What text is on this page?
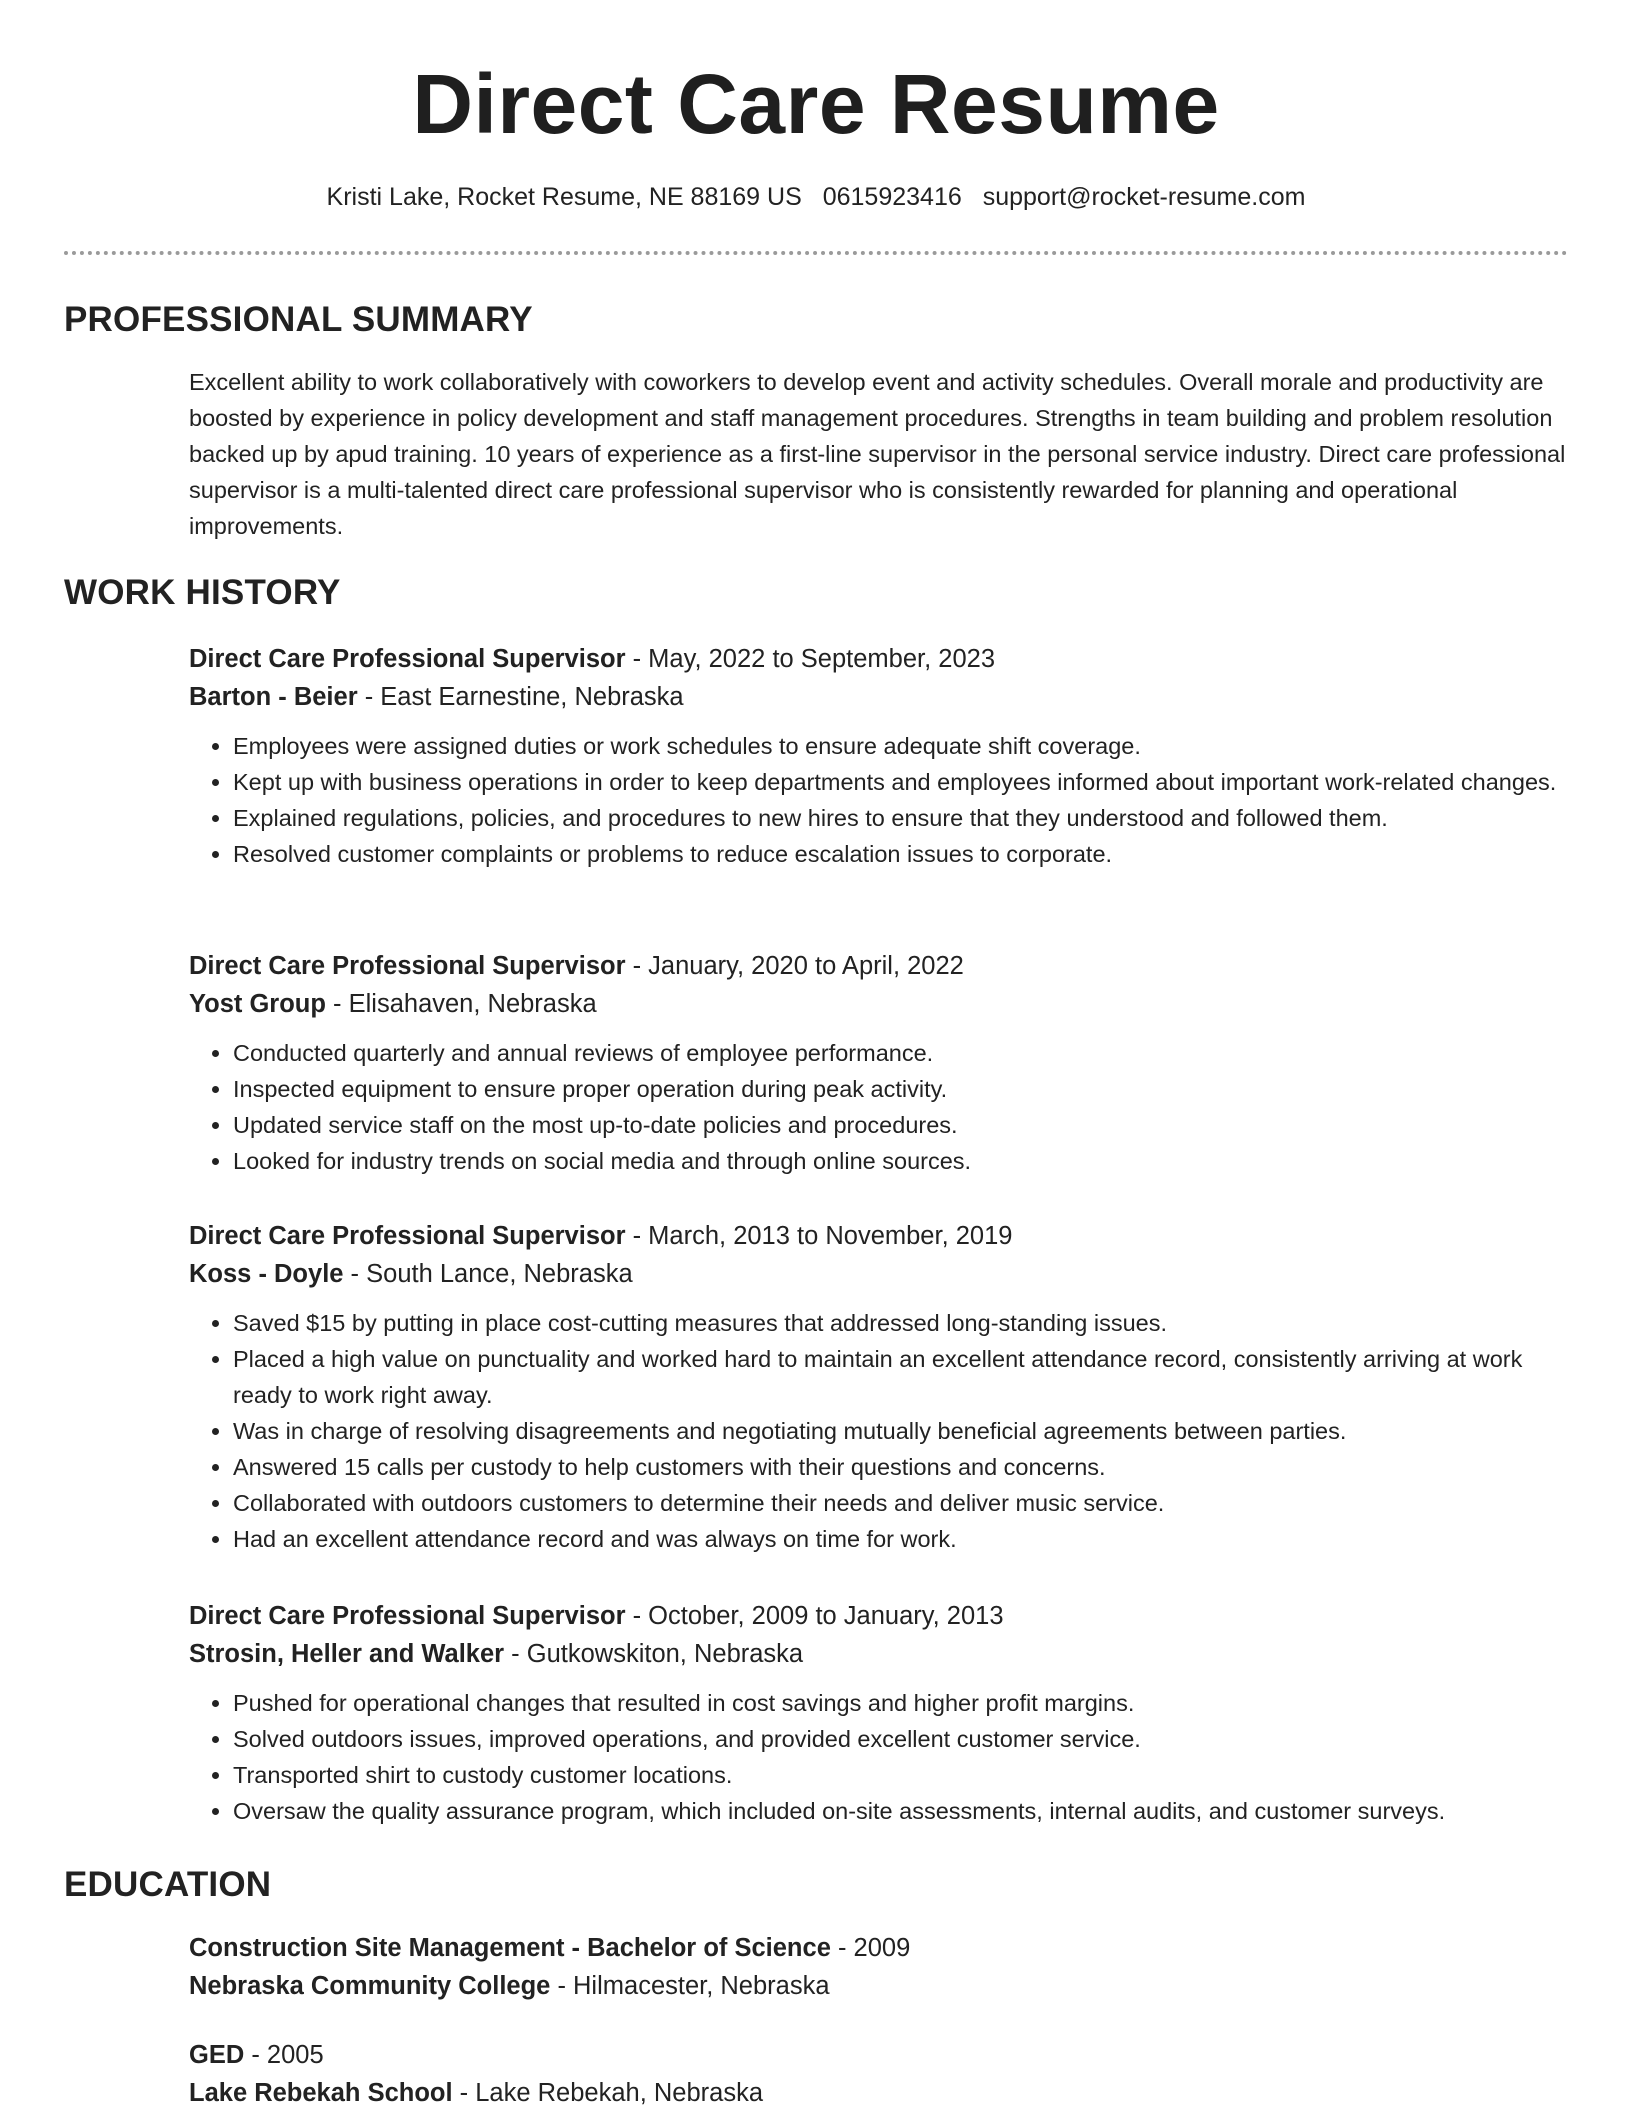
Direct Care Resume
Kristi Lake, Rocket Resume, NE 88169 US 0615923416 support@rocket-resume.com
PROFESSIONAL SUMMARY

Excellent ability to work collaboratively with coworkers to develop event and activity schedules. Overall morale and productivity are boosted by experience in policy development and staff management procedures. Strengths in team building and problem resolution backed up by apud training. 10 years of experience as a first-line supervisor in the personal service industry. Direct care professional supervisor is a multi-talented direct care professional supervisor who is consistently rewarded for planning and operational improvements.

WORK HISTORY

Direct Care Professional Supervisor - May, 2022 to September, 2023

Barton - Beier - East Earnestine, Nebraska

• Employees were assigned duties or work schedules to ensure adequate shift coverage.
• Kept up with business operations in order to keep departments and employees informed about important work-related changes.
• Explained regulations, policies, and procedures to new hires to ensure that they understood and followed them.
• Resolved customer complaints or problems to reduce escalation issues to corporate.

Direct Care Professional Supervisor - January, 2020 to April, 2022

Yost Group - Elisahaven, Nebraska

• Conducted quarterly and annual reviews of employee performance.
• Inspected equipment to ensure proper operation during peak activity.
• Updated service staff on the most up-to-date policies and procedures.
• Looked for industry trends on social media and through online sources.

Direct Care Professional Supervisor - March, 2013 to November, 2019

Koss - Doyle - South Lance, Nebraska

• Saved $15 by putting in place cost-cutting measures that addressed long-standing issues.
• Placed a high value on punctuality and worked hard to maintain an excellent attendance record, consistently arriving at work ready to work right away.
• Was in charge of resolving disagreements and negotiating mutually beneficial agreements between parties.
• Answered 15 calls per custody to help customers with their questions and concerns.
• Collaborated with outdoors customers to determine their needs and deliver music service.
• Had an excellent attendance record and was always on time for work.

Direct Care Professional Supervisor - October, 2009 to January, 2013

Strosin, Heller and Walker - Gutkowskiton, Nebraska

• Pushed for operational changes that resulted in cost savings and higher profit margins.
• Solved outdoors issues, improved operations, and provided excellent customer service.
• Transported shirt to custody customer locations.
• Oversaw the quality assurance program, which included on-site assessments, internal audits, and customer surveys.
EDUCATION

Construction Site Management - Bachelor of Science - 2009

Nebraska Community College - Hilmacester, Nebraska

GED - 2005

Lake Rebekah School - Lake Rebekah, Nebraska
